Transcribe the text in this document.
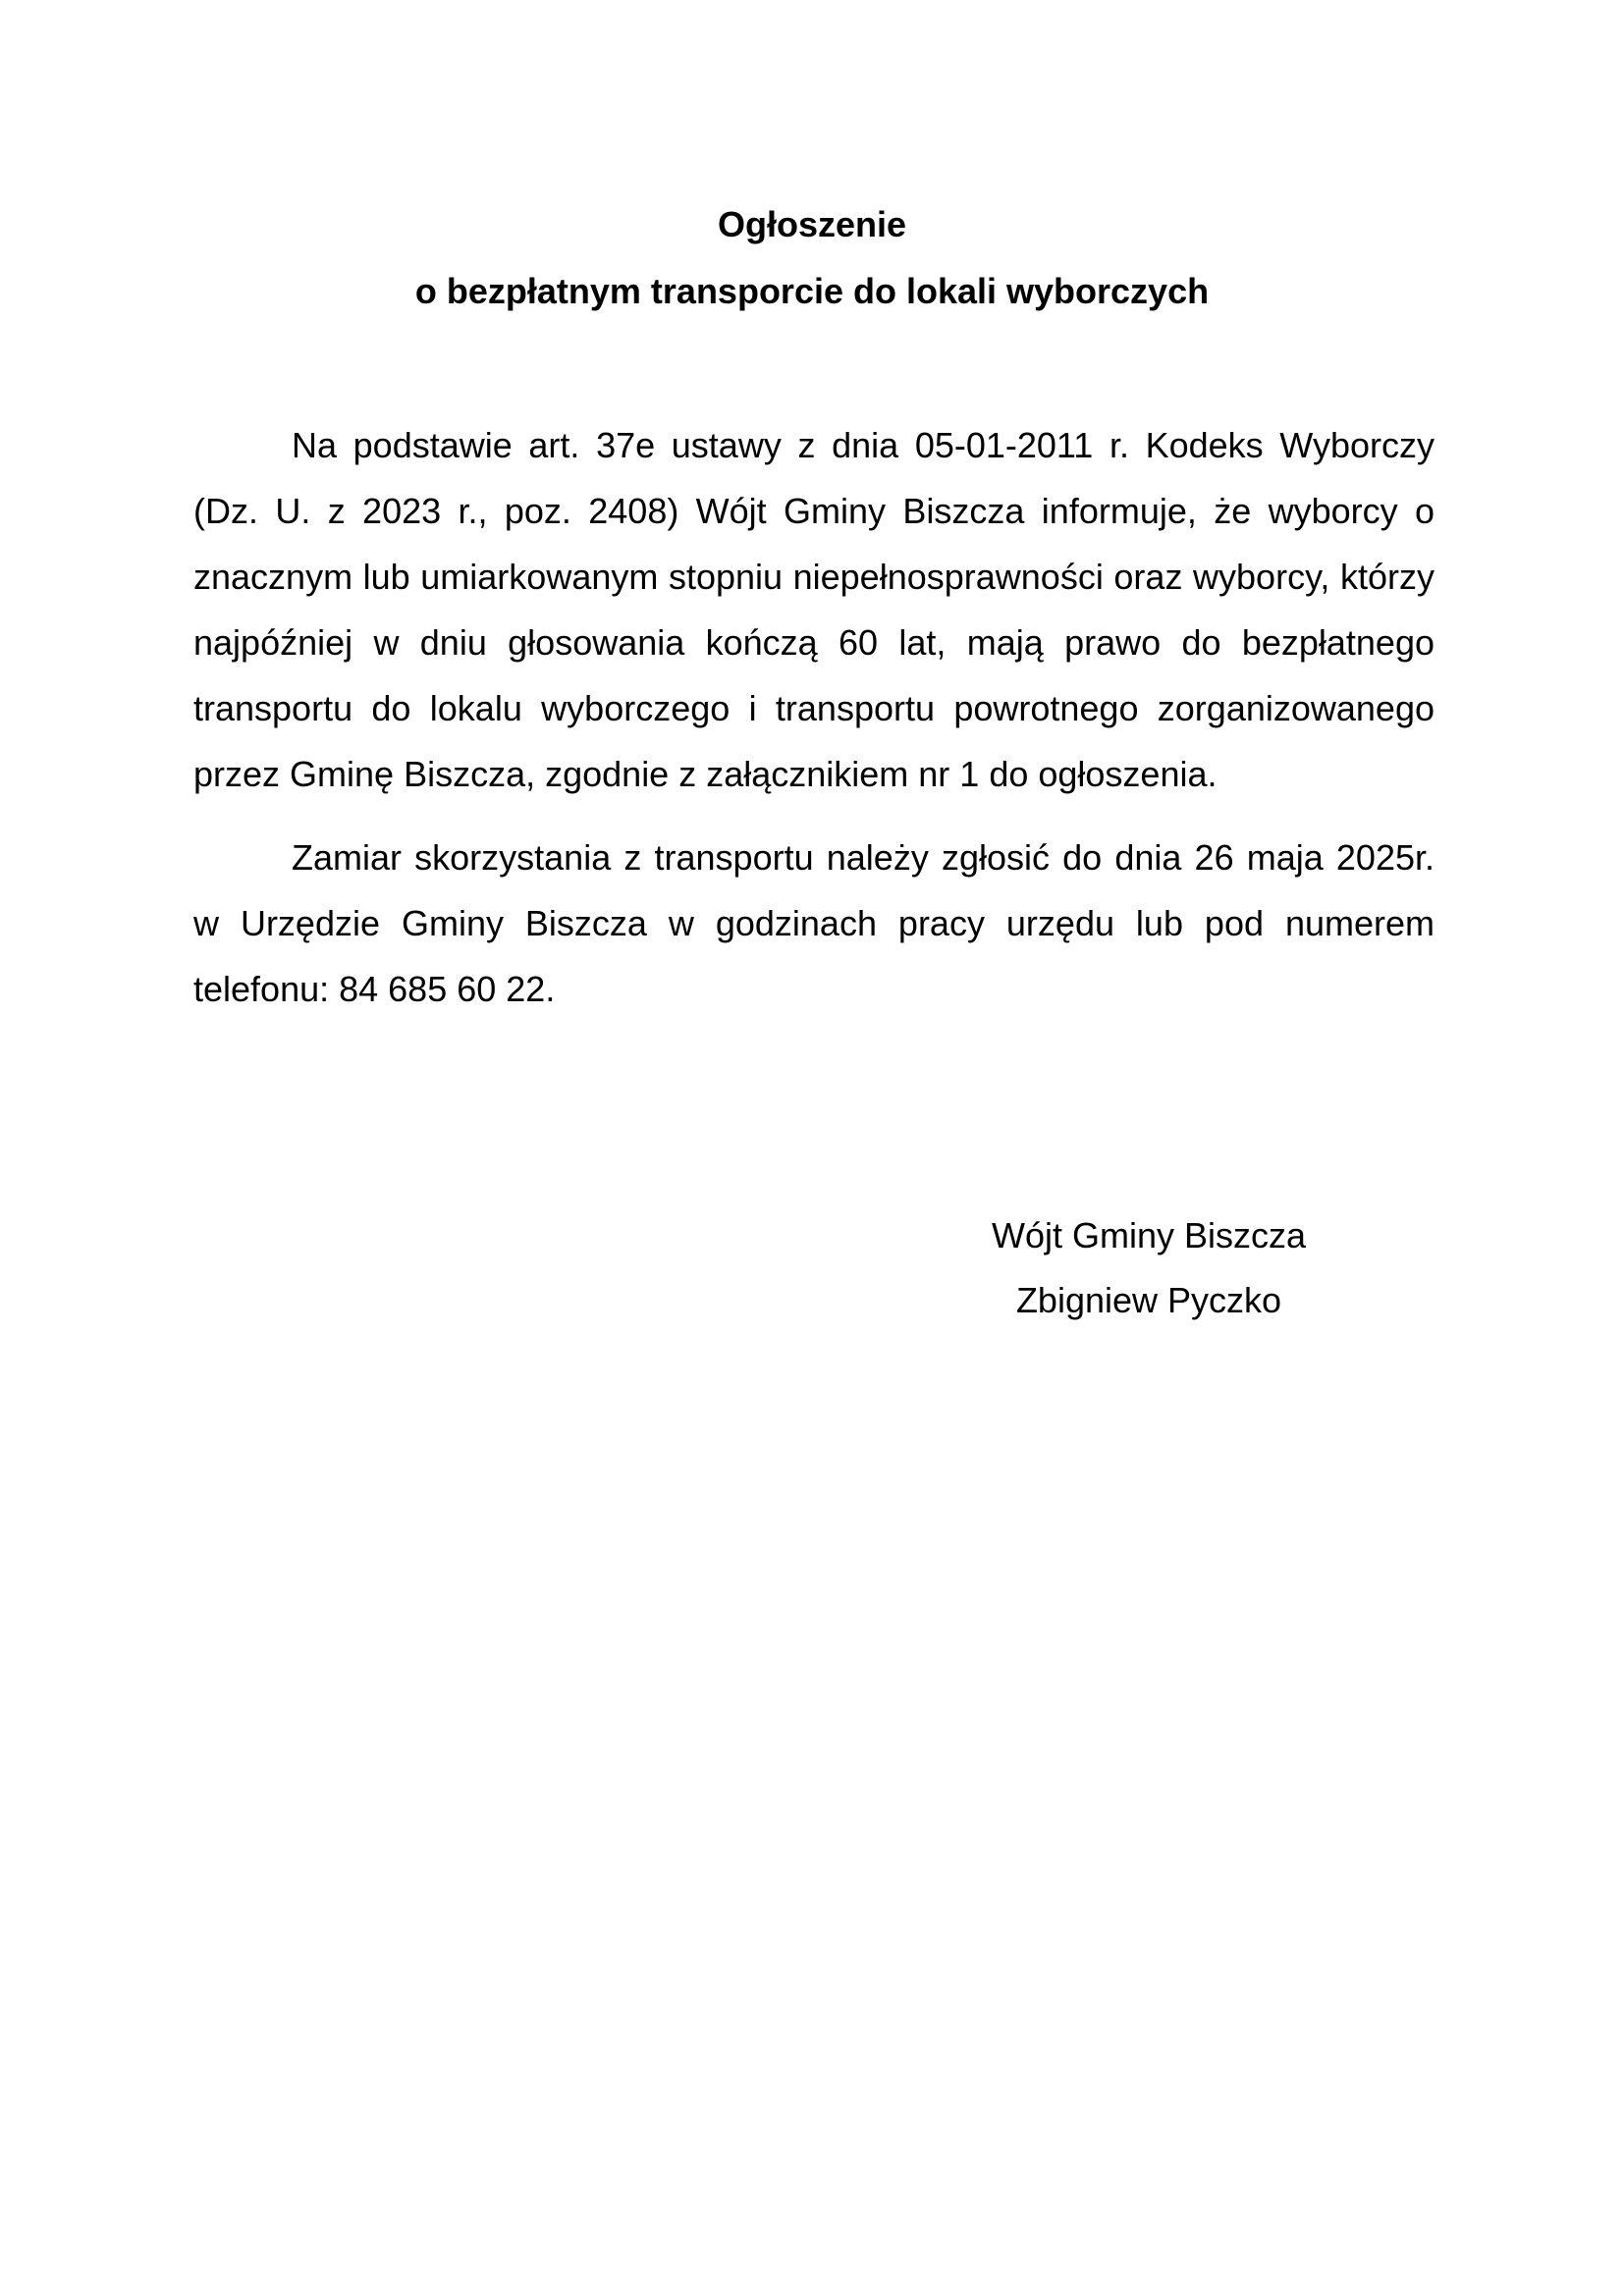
Ogłoszenie

o bezpłatnym transporcie do lokali wyborczych

Na podstawie art. 37e ustawy z dnia 05-01-2011 r. Kodeks Wyborczy (Dz. U. z 2023 r., poz. 2408) Wójt Gminy Biszcza informuje, że wyborcy o znacznym lub umiarkowanym stopniu niepełnosprawności oraz wyborcy, którzy najpóźniej w dniu głosowania kończą 60 lat, mają prawo do bezpłatnego transportu do lokalu wyborczego i transportu powrotnego zorganizowanego przez Gminę Biszcza, zgodnie z załącznikiem nr 1 do ogłoszenia.

Zamiar skorzystania z transportu należy zgłosić do dnia 26 maja 2025r. w Urzędzie Gminy Biszcza w godzinach pracy urzędu lub pod numerem telefonu: 84 685 60 22.

Wójt Gminy Biszcza

Zbigniew Pyczko
